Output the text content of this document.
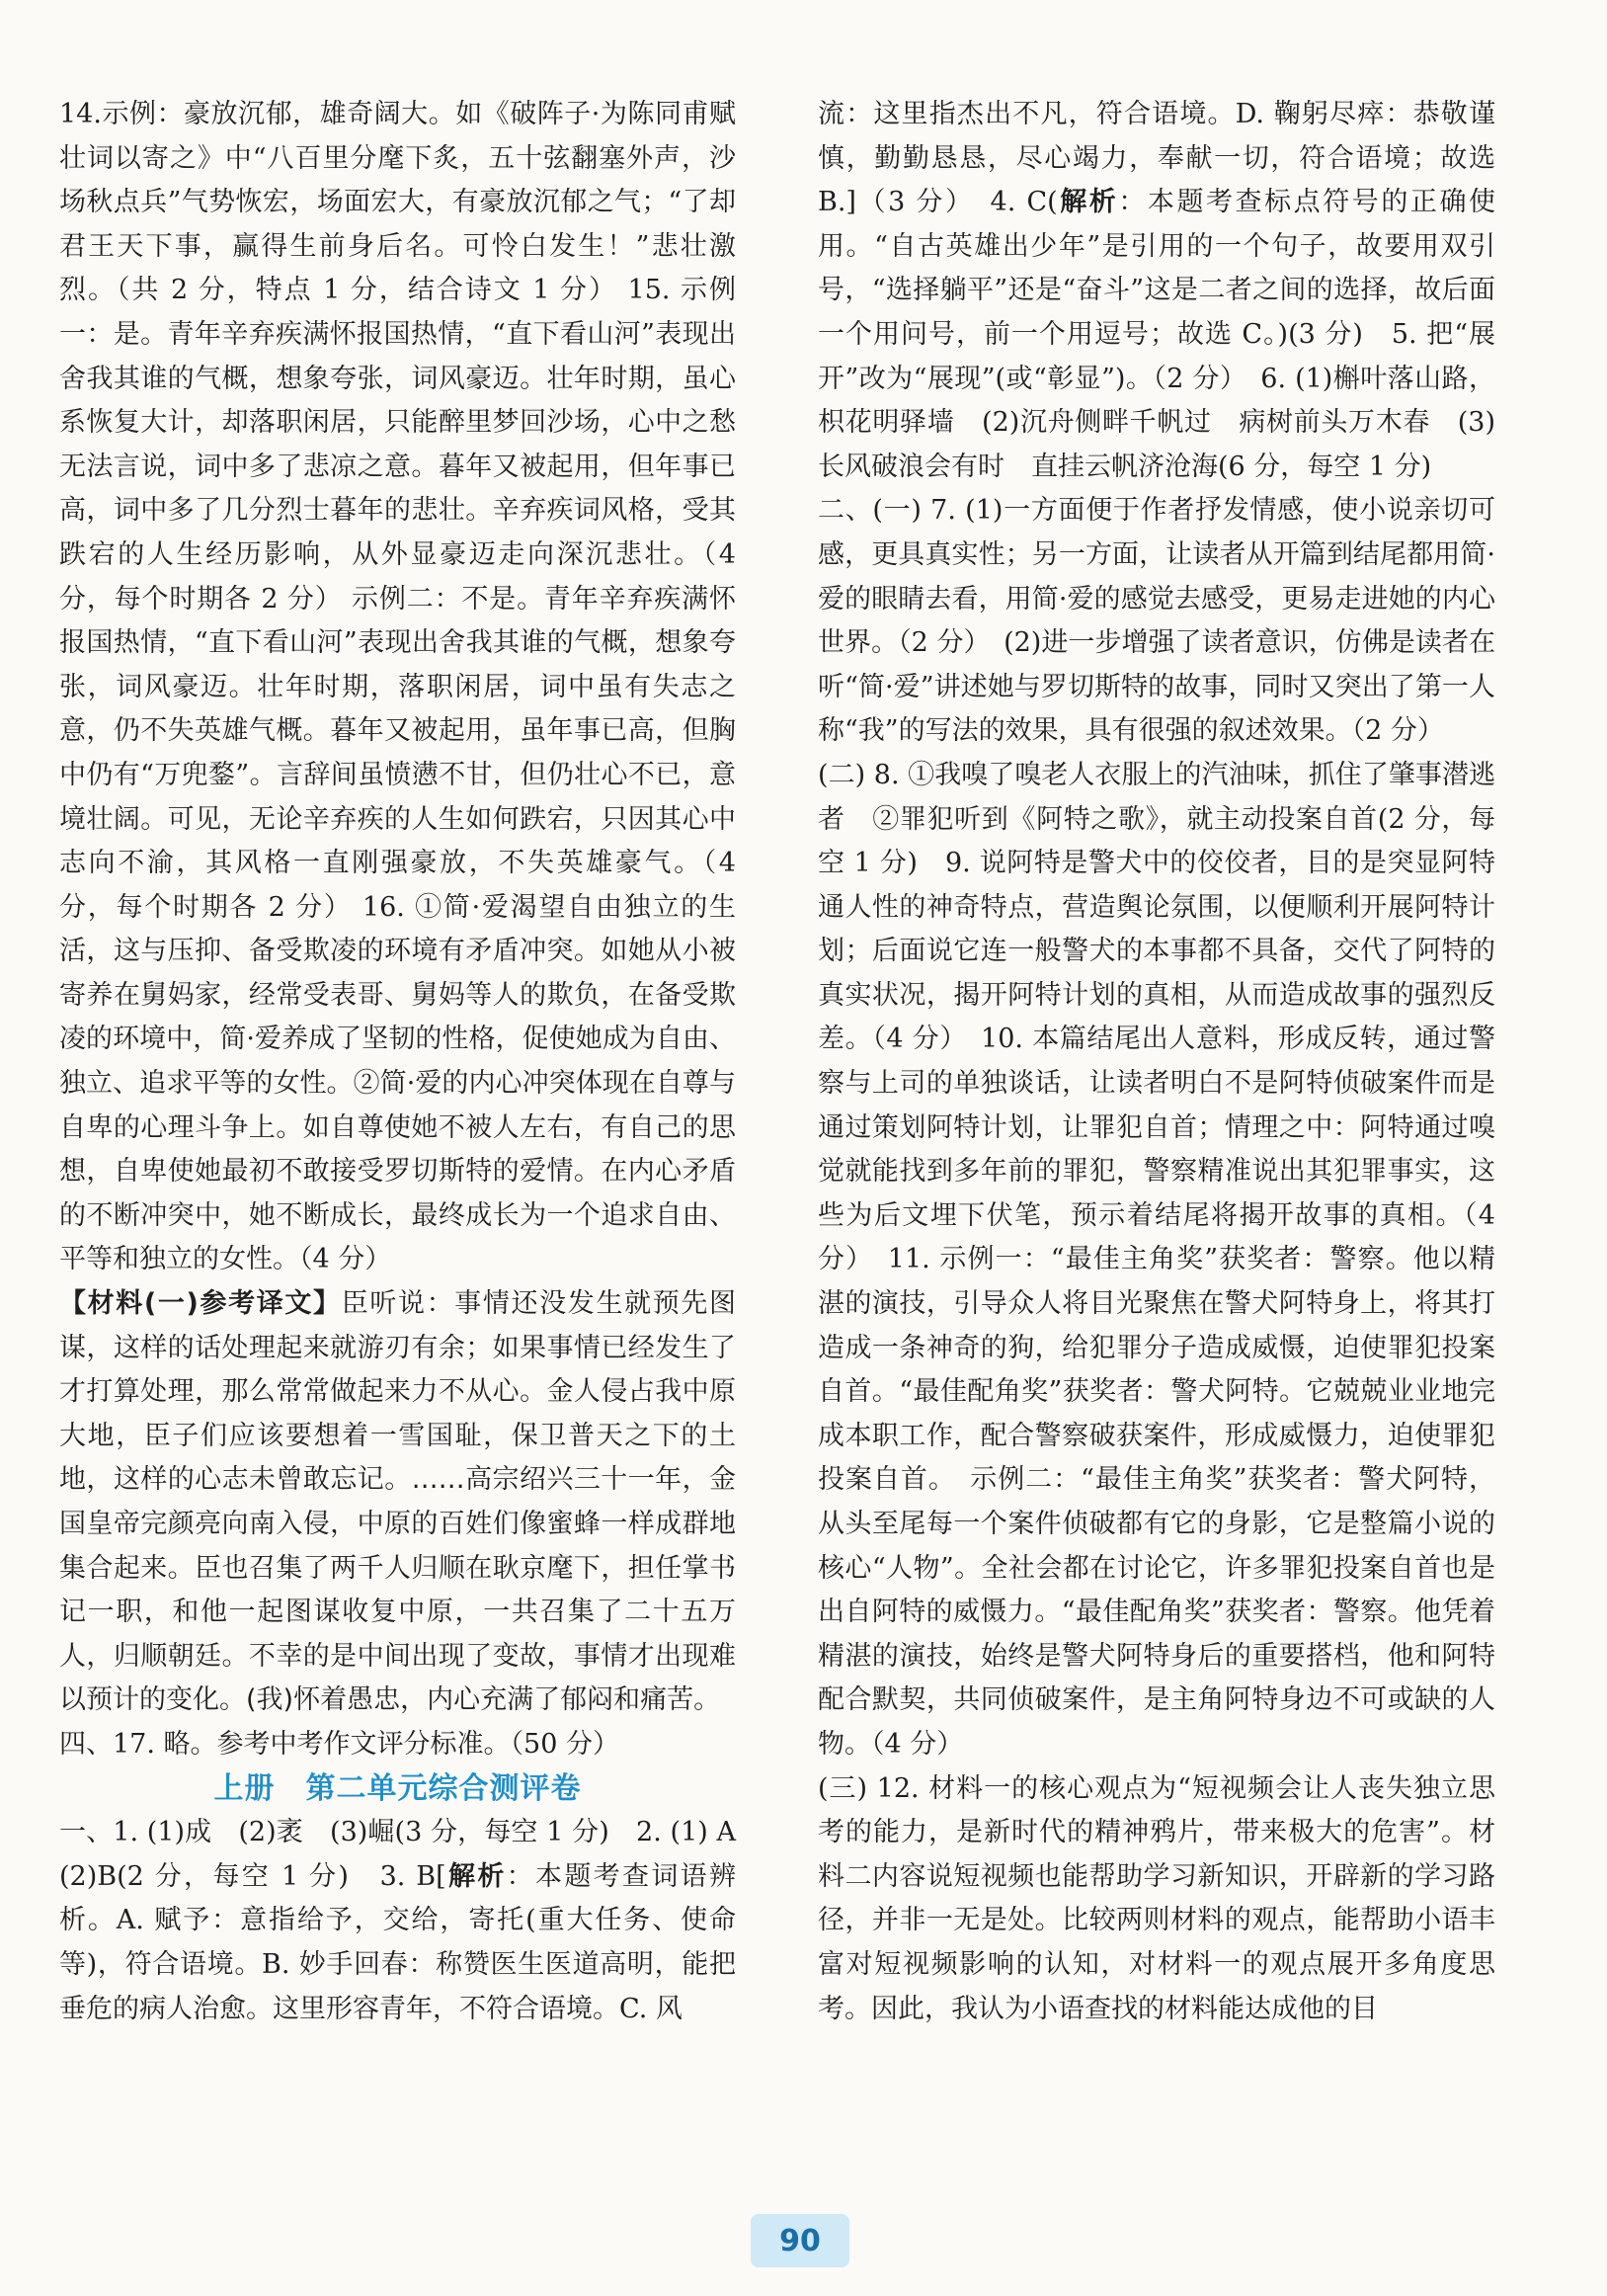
14.示例：豪放沉郁，雄奇阔大。如《破阵子·为陈同甫赋壮词以寄之》中“八百里分麾下炙，五十弦翻塞外声，沙场秋点兵”气势恢宏，场面宏大，有豪放沉郁之气；“了却君王天下事，赢得生前身后名。可怜白发生！”悲壮激烈。（共 2 分，特点 1 分，结合诗文 1 分） 15. 示例一：是。青年辛弃疾满怀报国热情，“直下看山河”表现出舍我其谁的气概，想象夸张，词风豪迈。壮年时期，虽心系恢复大计，却落职闲居，只能醉里梦回沙场，心中之愁无法言说，词中多了悲凉之意。暮年又被起用，但年事已高，词中多了几分烈士暮年的悲壮。辛弃疾词风格，受其跌宕的人生经历影响，从外显豪迈走向深沉悲壮。（4 分，每个时期各 2 分） 示例二：不是。青年辛弃疾满怀报国热情，“直下看山河”表现出舍我其谁的气概，想象夸张，词风豪迈。壮年时期，落职闲居，词中虽有失志之意，仍不失英雄气概。暮年又被起用，虽年事已高，但胸中仍有“万兜鍪”。言辞间虽愤懑不甘，但仍壮心不已，意境壮阔。可见，无论辛弃疾的人生如何跌宕，只因其心中志向不渝，其风格一直刚强豪放，不失英雄豪气。（4 分，每个时期各 2 分） 16. ①简·爱渴望自由独立的生活，这与压抑、备受欺凌的环境有矛盾冲突。如她从小被寄养在舅妈家，经常受表哥、舅妈等人的欺负，在备受欺凌的环境中，简·爱养成了坚韧的性格，促使她成为自由、独立、追求平等的女性。②简·爱的内心冲突体现在自尊与自卑的心理斗争上。如自尊使她不被人左右，有自己的思想，自卑使她最初不敢接受罗切斯特的爱情。在内心矛盾的不断冲突中，她不断成长，最终成长为一个追求自由、平等和独立的女性。（4 分）

【材料(一)参考译文】臣听说：事情还没发生就预先图谋，这样的话处理起来就游刃有余；如果事情已经发生了才打算处理，那么常常做起来力不从心。金人侵占我中原大地，臣子们应该要想着一雪国耻，保卫普天之下的土地，这样的心志未曾敢忘记。……高宗绍兴三十一年，金国皇帝完颜亮向南入侵，中原的百姓们像蜜蜂一样成群地集合起来。臣也召集了两千人归顺在耿京麾下，担任掌书记一职，和他一起图谋收复中原，一共召集了二十五万人，归顺朝廷。不幸的是中间出现了变故，事情才出现难以预计的变化。(我)怀着愚忠，内心充满了郁闷和痛苦。

四、17. 略。参考中考作文评分标准。（50 分）

上册　第二单元综合测评卷

一、1. (1)成　(2)袤　(3)崛(3 分，每空 1 分)　2. (1) A　(2)B(2 分，每空 1 分)　3. B[解析：本题考查词语辨析。A. 赋予：意指给予，交给，寄托(重大任务、使命等)，符合语境。B. 妙手回春：称赞医生医道高明，能把垂危的病人治愈。这里形容青年，不符合语境。C. 风

流：这里指杰出不凡，符合语境。D. 鞠躬尽瘁：恭敬谨慎，勤勤恳恳，尽心竭力，奉献一切，符合语境；故选 B.]（3 分）　4. C(解析：本题考查标点符号的正确使用。“自古英雄出少年”是引用的一个句子，故要用双引号，“选择躺平”还是“奋斗”这是二者之间的选择，故后面一个用问号，前一个用逗号；故选 C。)(3 分)　5. 把“展开”改为“展现”(或“彰显”)。（2 分）　6. (1)槲叶落山路，枳花明驿墙　(2)沉舟侧畔千帆过　病树前头万木春　(3)长风破浪会有时　直挂云帆济沧海(6 分，每空 1 分)

二、(一) 7. (1)一方面便于作者抒发情感，使小说亲切可感，更具真实性；另一方面，让读者从开篇到结尾都用简·爱的眼睛去看，用简·爱的感觉去感受，更易走进她的内心世界。（2 分）　(2)进一步增强了读者意识，仿佛是读者在听“简·爱”讲述她与罗切斯特的故事，同时又突出了第一人称“我”的写法的效果，具有很强的叙述效果。（2 分）

(二) 8. ①我嗅了嗅老人衣服上的汽油味，抓住了肇事潜逃者　②罪犯听到《阿特之歌》，就主动投案自首(2 分，每空 1 分)　9. 说阿特是警犬中的佼佼者，目的是突显阿特通人性的神奇特点，营造舆论氛围，以便顺利开展阿特计划；后面说它连一般警犬的本事都不具备，交代了阿特的真实状况，揭开阿特计划的真相，从而造成故事的强烈反差。（4 分）　10. 本篇结尾出人意料，形成反转，通过警察与上司的单独谈话，让读者明白不是阿特侦破案件而是通过策划阿特计划，让罪犯自首；情理之中：阿特通过嗅觉就能找到多年前的罪犯，警察精准说出其犯罪事实，这些为后文埋下伏笔，预示着结尾将揭开故事的真相。（4 分）　11. 示例一：“最佳主角奖”获奖者：警察。他以精湛的演技，引导众人将目光聚焦在警犬阿特身上，将其打造成一条神奇的狗，给犯罪分子造成威慑，迫使罪犯投案自首。“最佳配角奖”获奖者：警犬阿特。它兢兢业业地完成本职工作，配合警察破获案件，形成威慑力，迫使罪犯投案自首。　示例二：“最佳主角奖”获奖者：警犬阿特，从头至尾每一个案件侦破都有它的身影，它是整篇小说的核心“人物”。全社会都在讨论它，许多罪犯投案自首也是出自阿特的威慑力。“最佳配角奖”获奖者：警察。他凭着精湛的演技，始终是警犬阿特身后的重要搭档，他和阿特配合默契，共同侦破案件，是主角阿特身边不可或缺的人物。（4 分）

(三) 12. 材料一的核心观点为“短视频会让人丧失独立思考的能力，是新时代的精神鸦片，带来极大的危害”。材料二内容说短视频也能帮助学习新知识，开辟新的学习路径，并非一无是处。比较两则材料的观点，能帮助小语丰富对短视频影响的认知，对材料一的观点展开多角度思考。因此，我认为小语查找的材料能达成他的目

90
